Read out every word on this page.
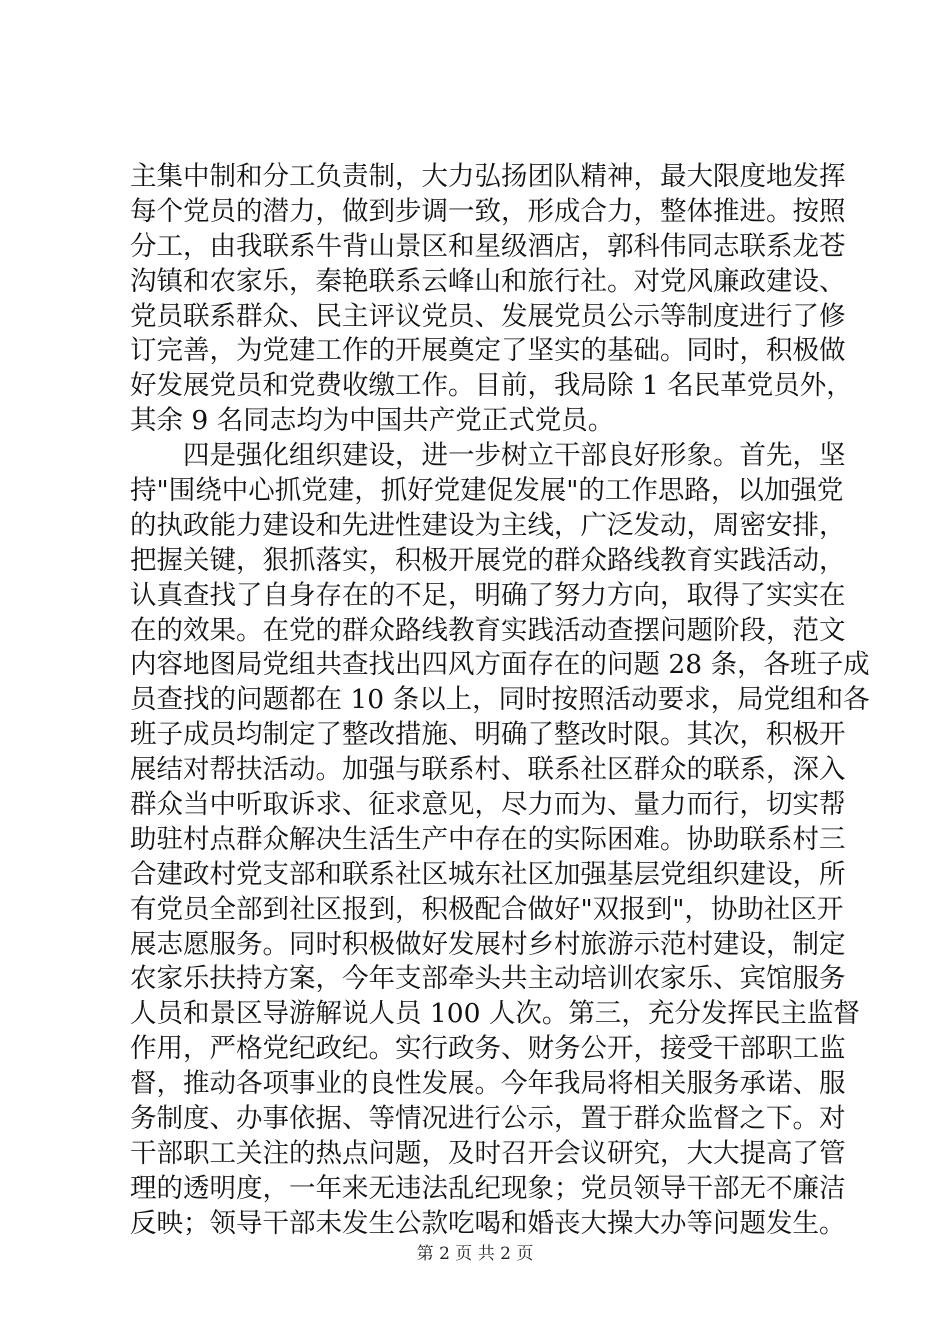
主集中制和分工负责制，大力弘扬团队精神，最大限度地发挥
每个党员的潜力，做到步调一致，形成合力，整体推进。按照
分工，由我联系牛背山景区和星级酒店，郭科伟同志联系龙苍
沟镇和农家乐，秦艳联系云峰山和旅行社。对党风廉政建设、
党员联系群众、民主评议党员、发展党员公示等制度进行了修
订完善，为党建工作的开展奠定了坚实的基础。同时，积极做
好发展党员和党费收缴工作。目前，我局除 1 名民革党员外，
其余 9 名同志均为中国共产党正式党员。
四是强化组织建设，进一步树立干部良好形象。首先，坚
持"围绕中心抓党建，抓好党建促发展"的工作思路，以加强党
的执政能力建设和先进性建设为主线，广泛发动，周密安排，
把握关键，狠抓落实，积极开展党的群众路线教育实践活动，
认真查找了自身存在的不足，明确了努力方向，取得了实实在
在的效果。在党的群众路线教育实践活动查摆问题阶段，范文
内容地图局党组共查找出四风方面存在的问题 28 条，各班子成
员查找的问题都在 10 条以上，同时按照活动要求，局党组和各
班子成员均制定了整改措施、明确了整改时限。其次，积极开
展结对帮扶活动。加强与联系村、联系社区群众的联系，深入
群众当中听取诉求、征求意见，尽力而为、量力而行，切实帮
助驻村点群众解决生活生产中存在的实际困难。协助联系村三
合建政村党支部和联系社区城东社区加强基层党组织建设，所
有党员全部到社区报到，积极配合做好"双报到"，协助社区开
展志愿服务。同时积极做好发展村乡村旅游示范村建设，制定
农家乐扶持方案，今年支部牵头共主动培训农家乐、宾馆服务
人员和景区导游解说人员 100 人次。第三，充分发挥民主监督
作用，严格党纪政纪。实行政务、财务公开，接受干部职工监
督，推动各项事业的良性发展。今年我局将相关服务承诺、服
务制度、办事依据、等情况进行公示，置于群众监督之下。对
干部职工关注的热点问题，及时召开会议研究，大大提高了管
理的透明度，一年来无违法乱纪现象；党员领导干部无不廉洁
反映；领导干部未发生公款吃喝和婚丧大操大办等问题发生。
第 2 页 共 2 页
